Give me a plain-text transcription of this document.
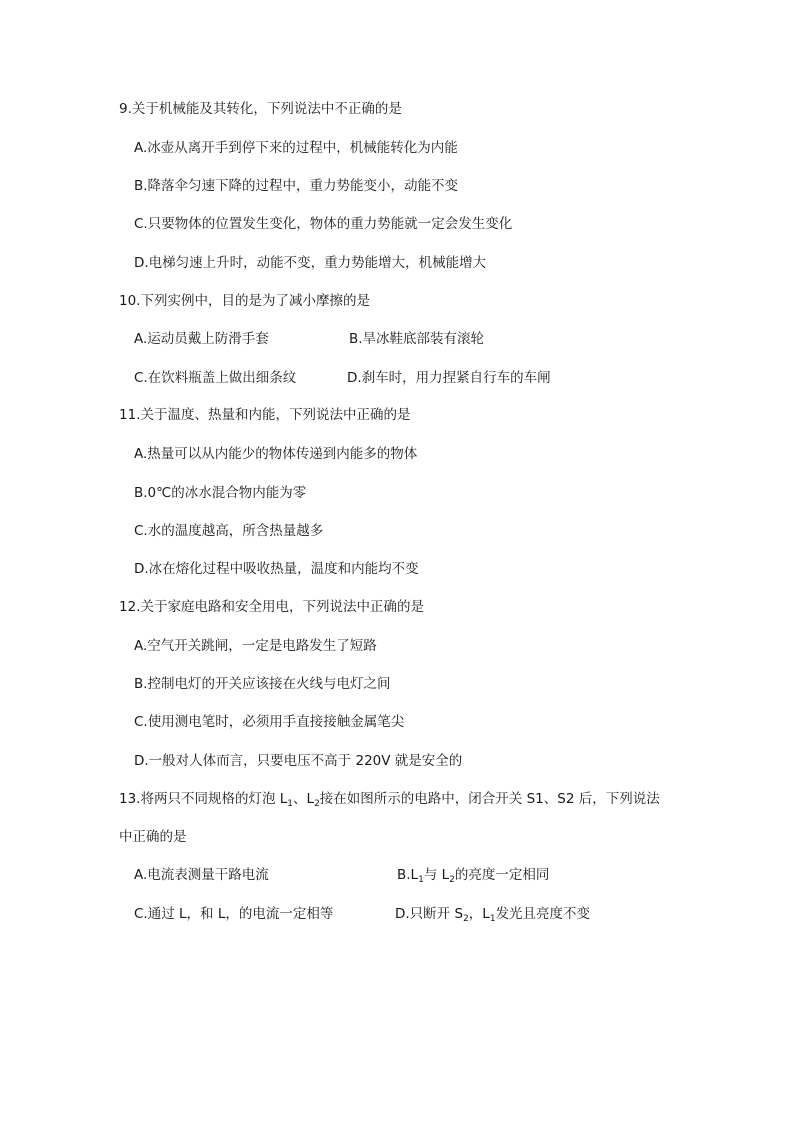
9.关于机械能及其转化，下列说法中不正确的是
A.冰壶从离开手到停下来的过程中，机械能转化为内能
B.降落伞匀速下降的过程中，重力势能变小，动能不变
C.只要物体的位置发生变化，物体的重力势能就一定会发生变化
D.电梯匀速上升时，动能不变，重力势能增大，机械能增大
10.下列实例中，目的是为了减小摩擦的是
A.运动员戴上防滑手套	B.旱冰鞋底部装有滚轮
C.在饮料瓶盖上做出细条纹	D.刹车时，用力捏紧自行车的车闸
11.关于温度、热量和内能，下列说法中正确的是
A.热量可以从内能少的物体传递到内能多的物体
B.0℃的冰水混合物内能为零
C.水的温度越高，所含热量越多
D.冰在熔化过程中吸收热量，温度和内能均不变
12.关于家庭电路和安全用电，下列说法中正确的是
A.空气开关跳闸，一定是电路发生了短路
B.控制电灯的开关应该接在火线与电灯之间
C.使用测电笔时，必须用手直接接触金属笔尖
D.一般对人体而言，只要电压不高于 220V 就是安全的
13.将两只不同规格的灯泡 $L_1$、$L_2$接在如图所示的电路中，闭合开关 S1、S2 后，下列说法
中正确的是
A.电流表测量干路电流	$B.L_1$与 $L_2$的亮度一定相同
C.通过 L，和 L，的电流一定相等	D.只断开 $S_2$，$L_1$发光且亮度不变
